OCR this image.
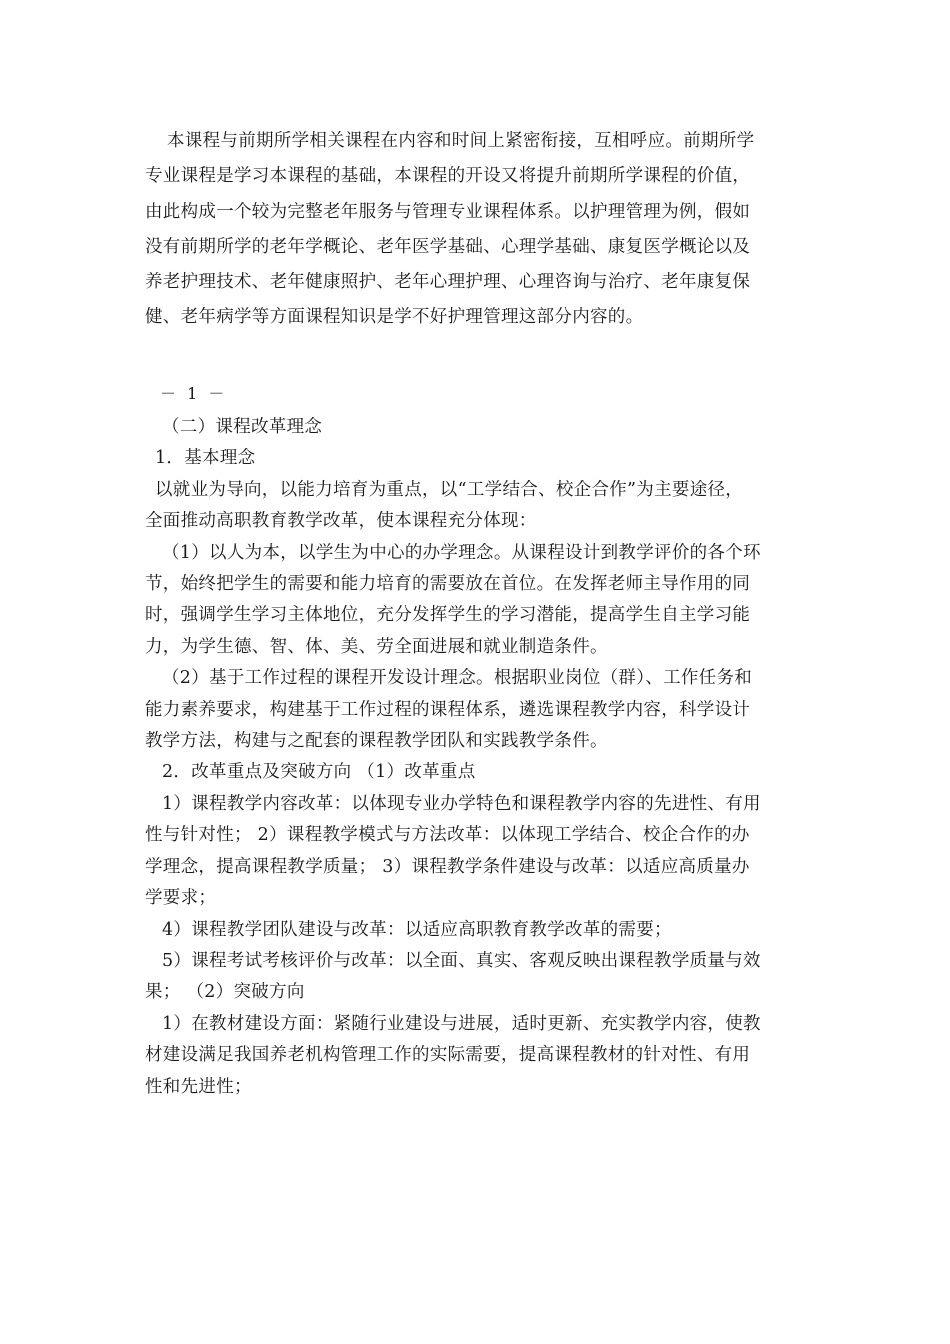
本课程与前期所学相关课程在内容和时间上紧密衔接，互相呼应。前期所学

专业课程是学习本课程的基础，本课程的开设又将提升前期所学课程的价值，

由此构成一个较为完整老年服务与管理专业课程体系。以护理管理为例，假如

没有前期所学的老年学概论、老年医学基础、心理学基础、康复医学概论以及

养老护理技术、老年健康照护、老年心理护理、心理咨询与治疗、老年康复保

健、老年病学等方面课程知识是学不好护理管理这部分内容的。

－ 1 －

（二）课程改革理念

1．基本理念

以就业为导向，以能力培育为重点，以“工学结合、校企合作”为主要途径，

全面推动高职教育教学改革，使本课程充分体现：

（1）以人为本，以学生为中心的办学理念。从课程设计到教学评价的各个环

节，始终把学生的需要和能力培育的需要放在首位。在发挥老师主导作用的同

时，强调学生学习主体地位，充分发挥学生的学习潜能，提高学生自主学习能

力，为学生德、智、体、美、劳全面进展和就业制造条件。

（2）基于工作过程的课程开发设计理念。根据职业岗位（群）、工作任务和

能力素养要求，构建基于工作过程的课程体系，遴选课程教学内容，科学设计

教学方法，构建与之配套的课程教学团队和实践教学条件。

2．改革重点及突破方向 （1）改革重点

1）课程教学内容改革：以体现专业办学特色和课程教学内容的先进性、有用

性与针对性； 2）课程教学模式与方法改革：以体现工学结合、校企合作的办

学理念，提高课程教学质量； 3）课程教学条件建设与改革：以适应高质量办

学要求；

4）课程教学团队建设与改革：以适应高职教育教学改革的需要；

5）课程考试考核评价与改革：以全面、真实、客观反映出课程教学质量与效

果； （2）突破方向

1）在教材建设方面：紧随行业建设与进展，适时更新、充实教学内容，使教

材建设满足我国养老机构管理工作的实际需要，提高课程教材的针对性、有用

性和先进性；
